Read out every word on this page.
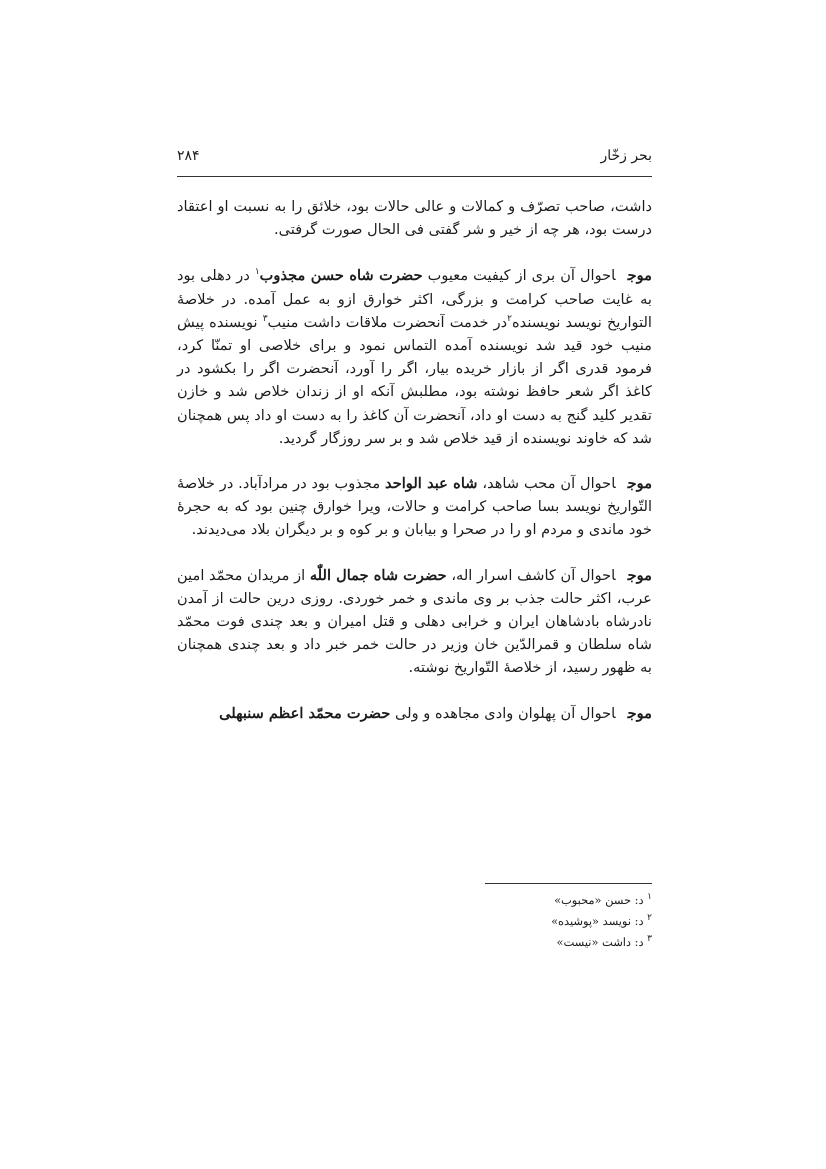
۲۸۴	بحر زخّار

داشت، صاحب تصرّف و کمالات و عالی حالات بود، خلائق را به نسبت او اعتقاد درست بود، هر چه از خیر و شر گفتی فی الحال صورت گرفتی.

موجاحوال آن بری از کیفیت معیوب حضرت شاه حسن مجذوب$^۱$ در دهلی بود به غایت صاحب کرامت و بزرگی، اکثر خوارق ازو به عمل آمده. در خلاصهٔ التواریخ نویسد نویسنده$^۲$در خدمت آنحضرت ملاقات داشت منیب$^۳$ نویسنده پیش منیب خود قید شد نویسنده آمده التماس نمود و برای خلاصی او تمنّا کرد، فرمود قدری اگر از بازار خریده بیار، اگر را آورد، آنحضرت اگر را بکشود در کاغذ اگر شعر حافظ نوشته بود، مطلبش آنکه او از زندان خلاص شد و خازن تقدیر کلید گنج به دست او داد، آنحضرت آن کاغذ را به دست او داد پس همچنان شد که خاوند نویسنده از قید خلاص شد و بر سر روزگار گردید.

موجاحوال آن محب شاهد، شاه عبد الواحد مجذوب بود در مرادآباد. در خلاصهٔ التّواریخ نویسد بسا صاحب کرامت و حالات، ویرا خوارق چنین بود که به حجرهٔ خود ماندی و مردم او را در صحرا و بیابان و بر کوه و بر دیگران بلاد می‌دیدند.

موجاحوال آن کاشف اسرار اله، حضرت شاه جمال اللّٰه از مریدان محمّد امین عرب، اکثر حالت جذب بر وی ماندی و خمر خوردی. روزی درین حالت از آمدن نادرشاه بادشاهان ایران و خرابی دهلی و قتل امیران و بعد چندی فوت محمّد شاه سلطان و قمرالدّین خان وزیر در حالت خمر خبر داد و بعد چندی همچنان به ظهور رسید، از خلاصهٔ التّواریخ نوشته.

موجاحوال آن پهلوان وادی مجاهده و ولی حضرت محمّد اعظم سنبهلی

$^۱$ د: حسن «محبوب»
$^۲$ د: نویسد «پوشیده»
$^۳$ د: داشت «نیست»
